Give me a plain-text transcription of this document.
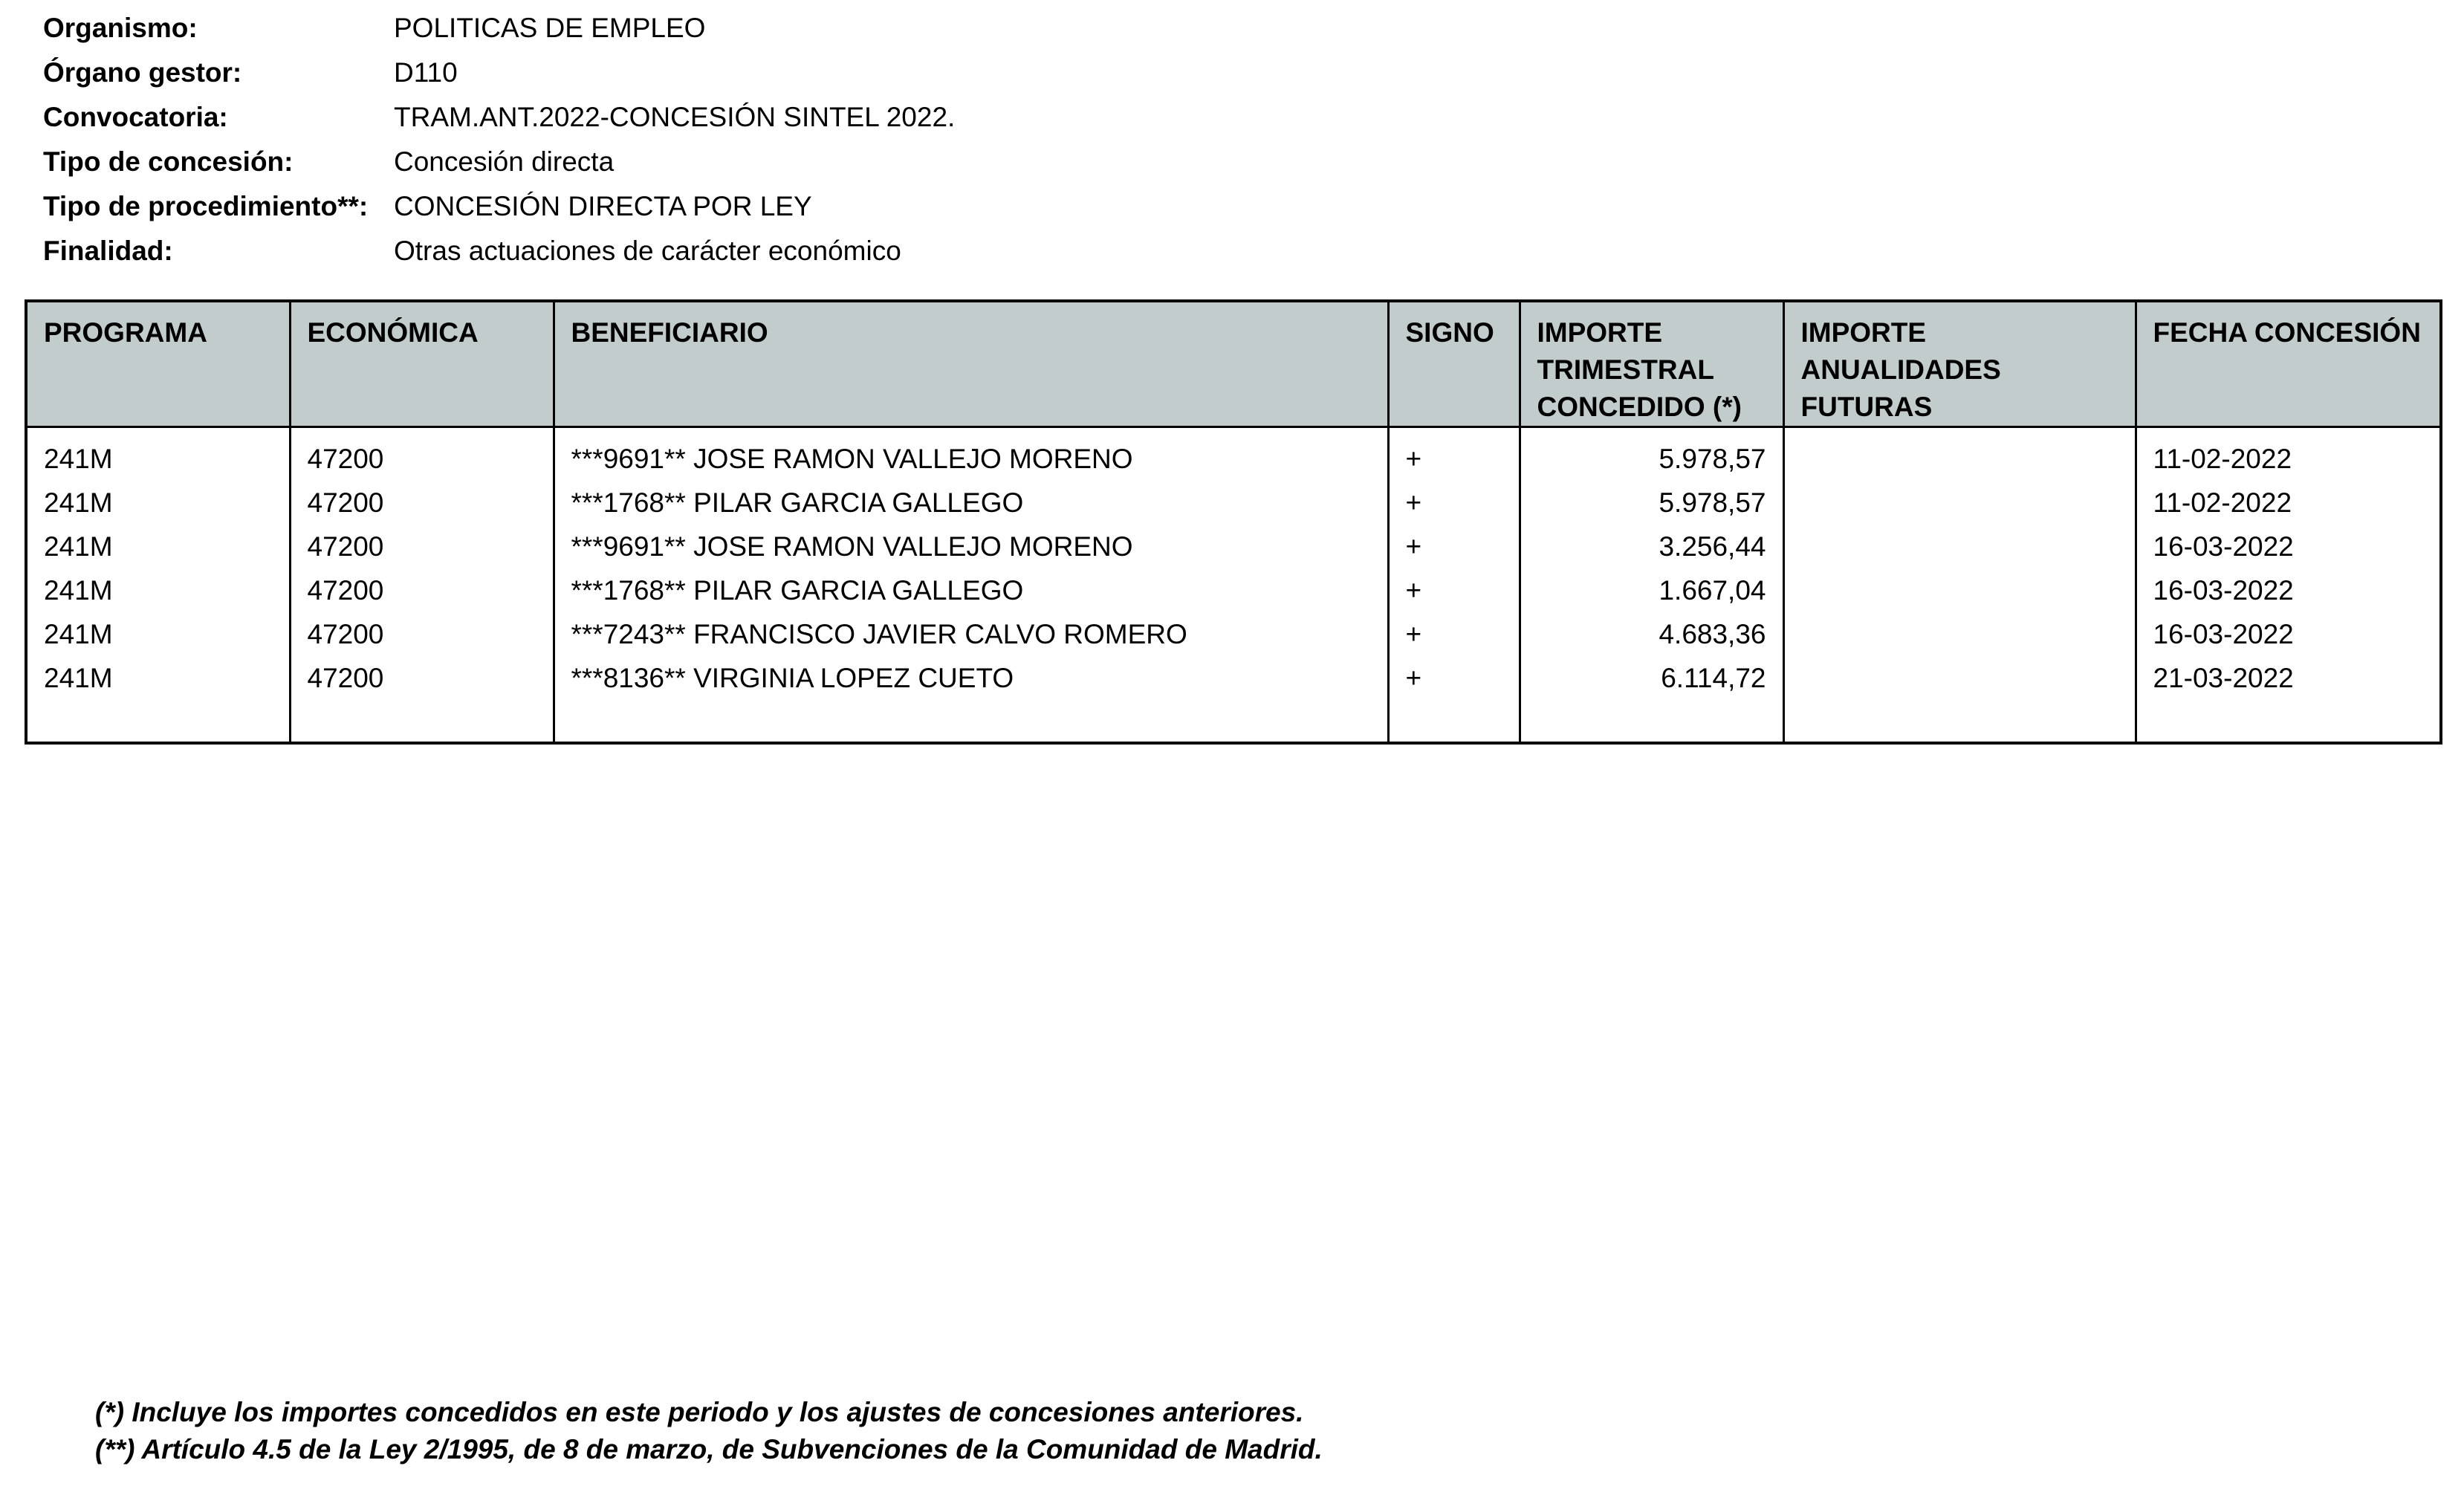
Organismo:	POLITICAS DE EMPLEO
Órgano gestor:	D110
Convocatoria:	TRAM.ANT.2022-CONCESIÓN SINTEL 2022.
Tipo de concesión:	Concesión directa
Tipo de procedimiento**: CONCESIÓN DIRECTA POR LEY
Finalidad:	Otras actuaciones de carácter económico
PROGRAMA	ECONÓMICA	BENEFICIARIO	SIGNO	IMPORTE TRIMESTRAL CONCEDIDO (*)	IMPORTE ANUALIDADES FUTURAS	FECHA CONCESIÓN
241M	47200	***9691** JOSE RAMON VALLEJO MORENO	+	5.978,57		11-02-2022
241M	47200	***1768** PILAR GARCIA GALLEGO	+	5.978,57		11-02-2022
241M	47200	***9691** JOSE RAMON VALLEJO MORENO	+	3.256,44		16-03-2022
241M	47200	***1768** PILAR GARCIA GALLEGO	+	1.667,04		16-03-2022
241M	47200	***7243** FRANCISCO JAVIER CALVO ROMERO	+	4.683,36		16-03-2022
241M	47200	***8136** VIRGINIA LOPEZ CUETO	+	6.114,72		21-03-2022

(*) Incluye los importes concedidos en este periodo y los ajustes de concesiones anteriores.
(**) Artículo 4.5 de la Ley 2/1995, de 8 de marzo, de Subvenciones de la Comunidad de Madrid.
